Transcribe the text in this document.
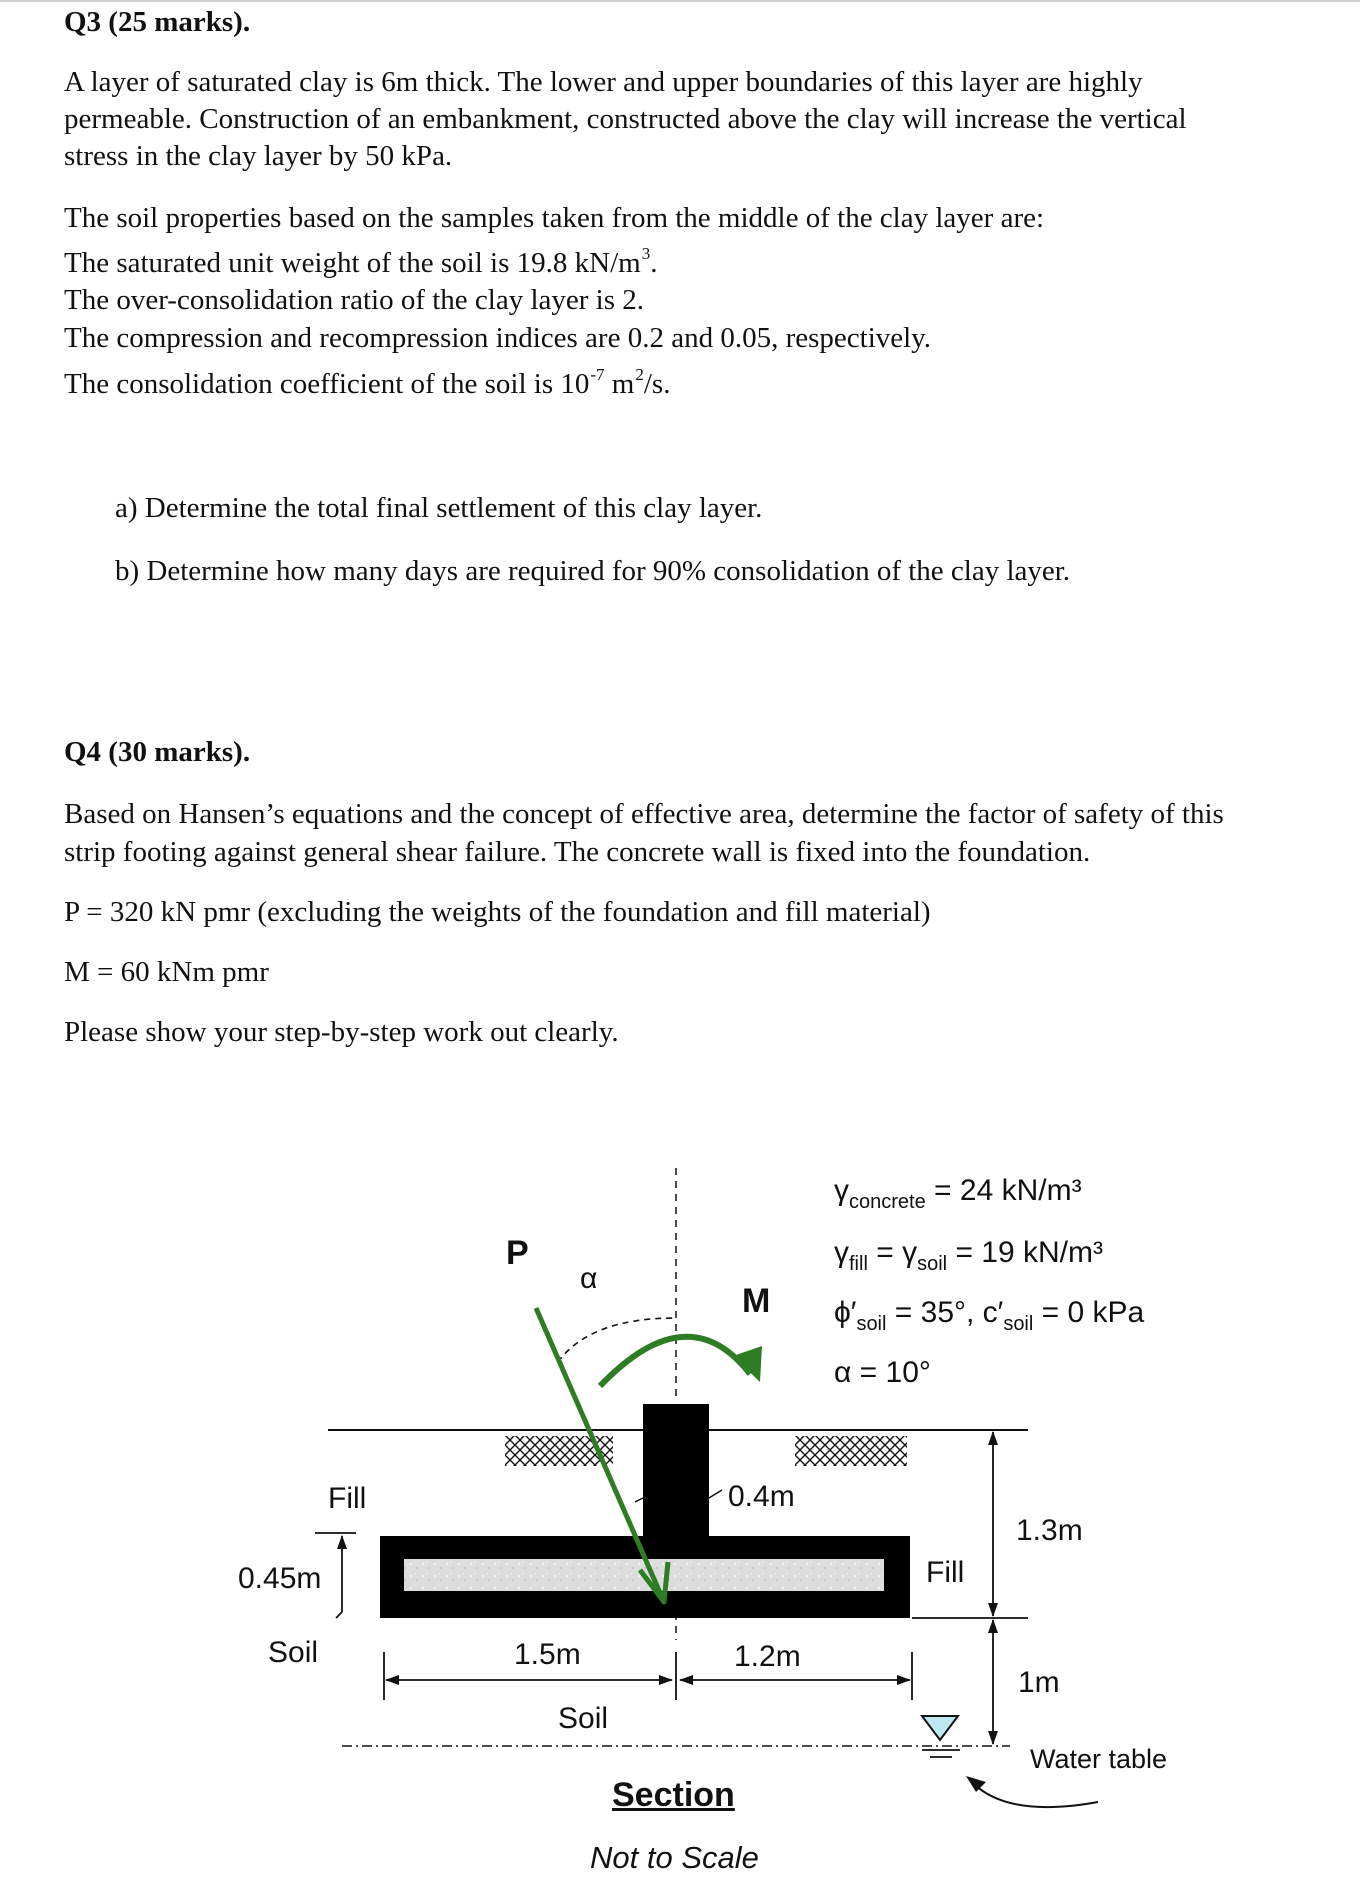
Q3 (25 marks).
A layer of saturated clay is 6m thick. The lower and upper boundaries of this layer are highly
permeable. Construction of an embankment, constructed above the clay will increase the vertical
stress in the clay layer by 50 kPa.
The soil properties based on the samples taken from the middle of the clay layer are:
The saturated unit weight of the soil is 19.8 $kN/m^3$.
The over-consolidation ratio of the clay layer is 2.
The compression and recompression indices are 0.2 and 0.05, respectively.
The consolidation coefficient of the soil is $10^{-7}$ $m^2/s$.
a) Determine the total final settlement of this clay layer.
b) Determine how many days are required for 90% consolidation of the clay layer.
Q4 (30 marks).
Based on Hansen’s equations and the concept of effective area, determine the factor of safety of this
strip footing against general shear failure. The concrete wall is fixed into the foundation.
P = 320 kN pmr (excluding the weights of the foundation and fill material)
M = 60 kNm pmr
Please show your step-by-step work out clearly.
P
α
M
$\gamma_{concrete} = 24$ kN/m³
$\gamma_{fill} = \gamma_{soil} = 19$ kN/m³
$\phi'_{soil} = 35^\circ$, $c'_{soil} = 0$ kPa
α = 10°
Fill
Fill
0.4m
0.45m
Soil	1.5m	1.2m
Soil
1.3m
1m
Water table
Section
Not to Scale
